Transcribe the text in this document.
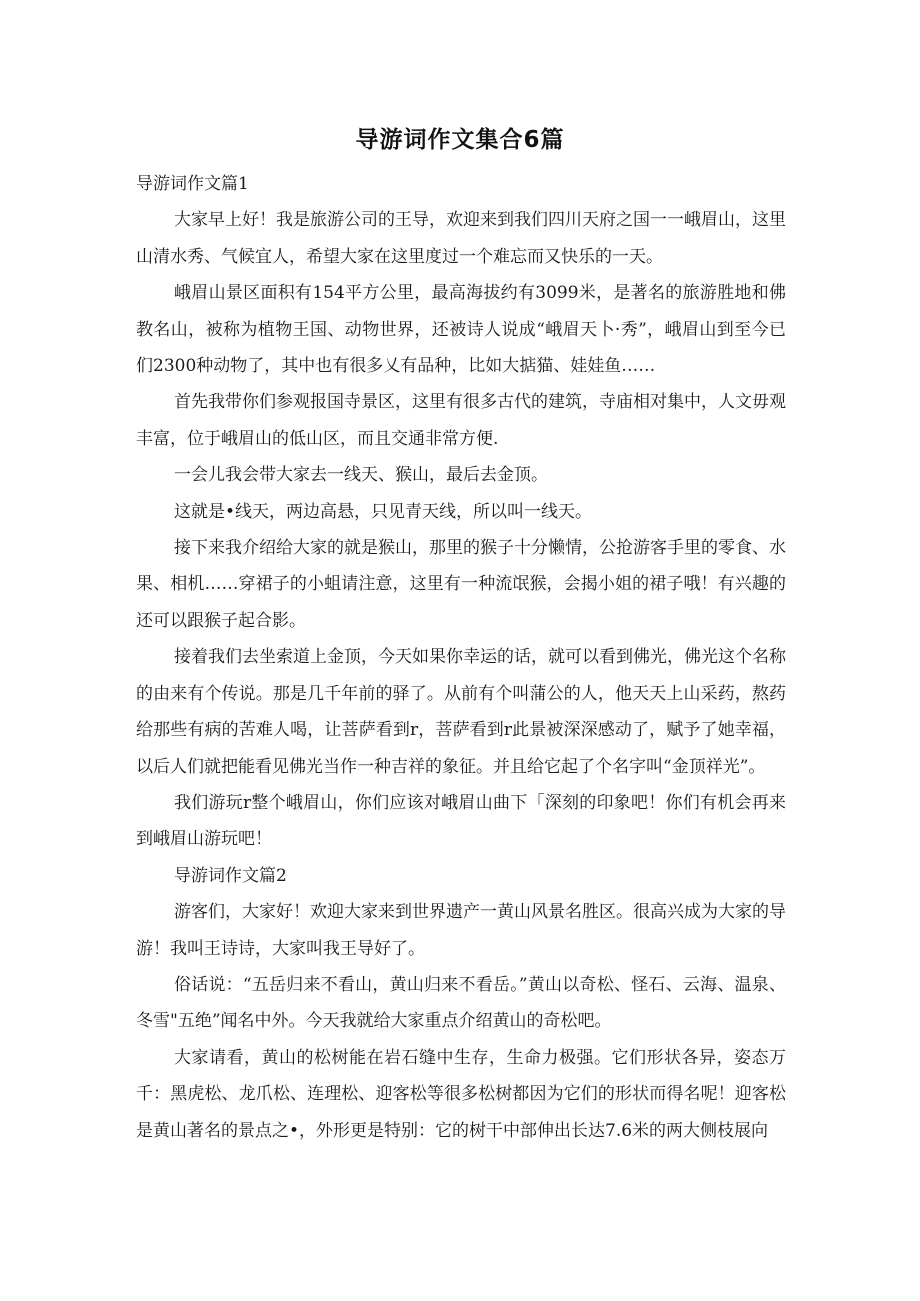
导游词作文集合6篇

导游词作文篇1

大家早上好！我是旅游公司的王导，欢迎来到我们四川天府之国一一峨眉山，这里山清水秀、气候宜人，希望大家在这里度过一个难忘而又快乐的一天。

峨眉山景区面积有154平方公里，最高海拔约有3099米，是著名的旅游胜地和佛教名山，被称为植物王国、动物世界，还被诗人说成“峨眉天卜·秀”，峨眉山到至今已们2300种动物了，其中也有很多乂有品种，比如大掂猫、娃娃鱼……

首先我带你们参观报国寺景区，这里有很多古代的建筑，寺庙相对集中，人文毋观丰富，位于峨眉山的低山区，而且交通非常方便.

一会儿我会带大家去一线天、猴山，最后去金顶。

这就是•线天，两边高悬，只见青天线，所以叫一线天。

接下来我介绍给大家的就是猴山，那里的猴子十分懒情，公抢游客手里的零食、水果、相机……穿裙子的小蛆请注意，这里有一种流氓猴，会揭小姐的裙子哦！有兴趣的还可以跟猴子起合影。

接着我们去坐索道上金顶，今天如果你幸运的话，就可以看到佛光，佛光这个名称的由来有个传说。那是几千年前的驿了。从前有个叫蒲公的人，他天天上山采药，熬药给那些有病的苦难人喝，让菩萨看到r，菩萨看到r此景被深深感动了，赋予了她幸福，以后人们就把能看见佛光当作一种吉祥的象征。并且给它起了个名字叫“金顶祥光”。

我们游玩r整个峨眉山，你们应该对峨眉山曲下「深刻的印象吧！你们有机会再来到峨眉山游玩吧！

导游词作文篇2

游客们，大家好！欢迎大家来到世界遗产一黄山风景名胜区。很高兴成为大家的导游！我叫王诗诗，大家叫我王导好了。

俗话说：“五岳归来不看山，黄山归来不看岳。”黄山以奇松、怪石、云海、温泉、冬雪"五绝”闻名中外。今天我就给大家重点介绍黄山的奇松吧。

大家请看，黄山的松树能在岩石缝中生存，生命力极强。它们形状各异，姿态万千：黑虎松、龙爪松、连理松、迎客松等很多松树都因为它们的形状而得名呢！迎客松是黄山著名的景点之•，外形更是特别：它的树干中部伸出长达7.6米的两大侧枝展向
